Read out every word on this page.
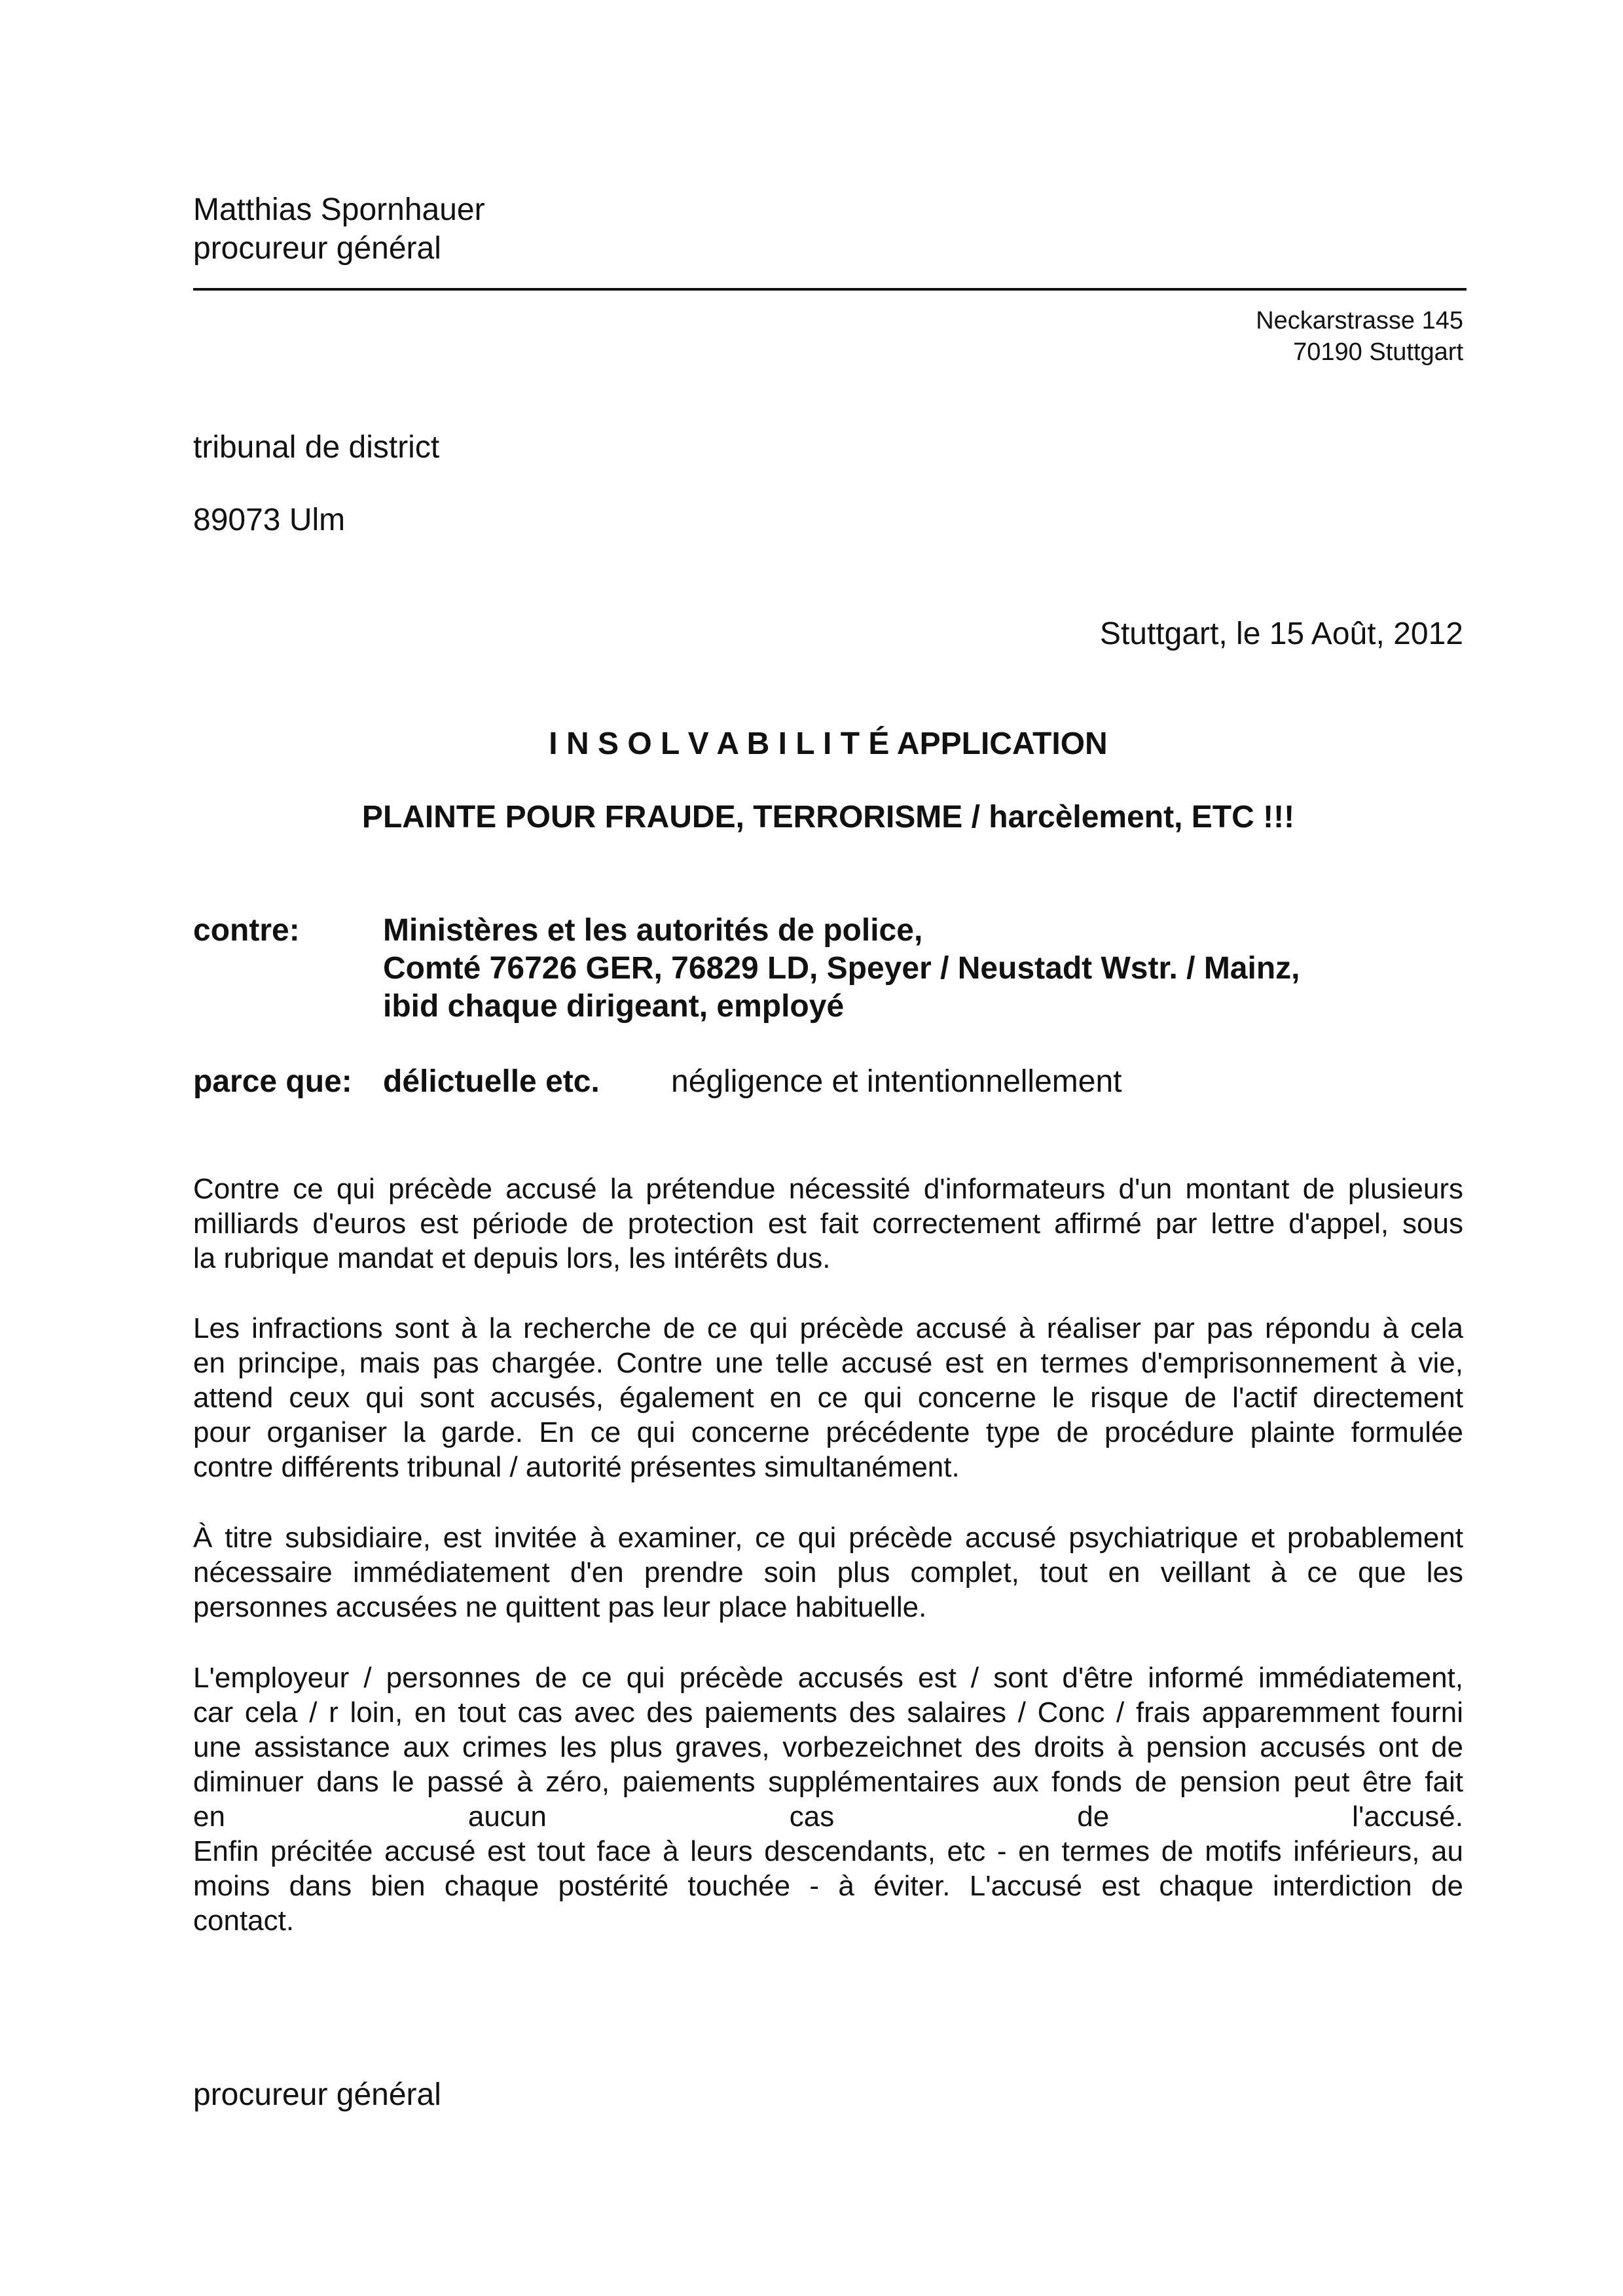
Matthias Spornhauer
procureur général
Neckarstrasse 145
70190 Stuttgart
tribunal de district
89073 Ulm
Stuttgart, le 15 Août, 2012
I N S O L V A B I L I T É APPLICATION
PLAINTE POUR FRAUDE, TERRORISME / harcèlement, ETC !!!
contre:	Ministères et les autorités de police,
Comté 76726 GER, 76829 LD, Speyer / Neustadt Wstr. / Mainz,
ibid chaque dirigeant, employé
parce que: délictuelle etc. négligence et intentionnellement
Contre ce qui précède accusé la prétendue nécessité d'informateurs d'un montant de plusieurs
milliards d'euros est période de protection est fait correctement affirmé par lettre d'appel, sous
la rubrique mandat et depuis lors, les intérêts dus.
Les infractions sont à la recherche de ce qui précède accusé à réaliser par pas répondu à cela
en principe, mais pas chargée. Contre une telle accusé est en termes d'emprisonnement à vie,
attend ceux qui sont accusés, également en ce qui concerne le risque de l'actif directement
pour organiser la garde. En ce qui concerne précédente type de procédure plainte formulée
contre différents tribunal / autorité présentes simultanément.
À titre subsidiaire, est invitée à examiner, ce qui précède accusé psychiatrique et probablement
nécessaire immédiatement d'en prendre soin plus complet, tout en veillant à ce que les
personnes accusées ne quittent pas leur place habituelle.
L'employeur / personnes de ce qui précède accusés est / sont d'être informé immédiatement,
car cela / r loin, en tout cas avec des paiements des salaires / Conc / frais apparemment fourni
une assistance aux crimes les plus graves, vorbezeichnet des droits à pension accusés ont de
diminuer dans le passé à zéro, paiements supplémentaires aux fonds de pension peut être fait
en aucun cas de l'accusé.
Enfin précitée accusé est tout face à leurs descendants, etc - en termes de motifs inférieurs, au
moins dans bien chaque postérité touchée - à éviter. L'accusé est chaque interdiction de
contact.
procureur général
